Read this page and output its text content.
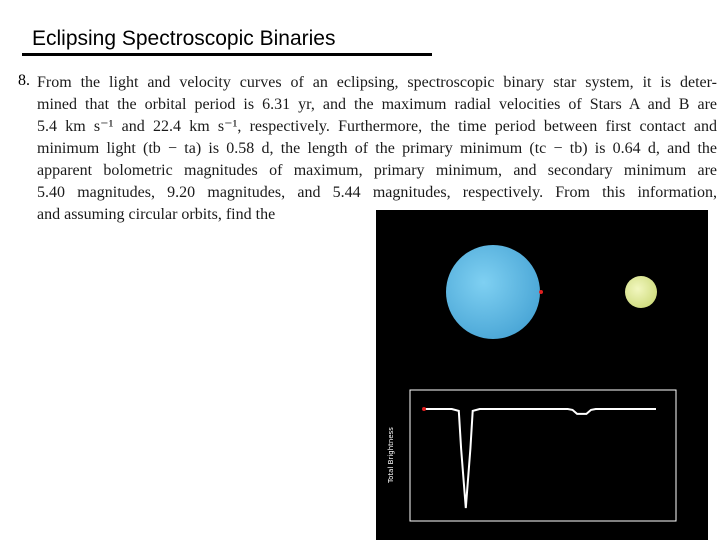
Eclipsing Spectroscopic Binaries
8. From the light and velocity curves of an eclipsing, spectroscopic binary star system, it is deter-
mined that the orbital period is 6.31 yr, and the maximum radial velocities of Stars A and B are
5.4 km s⁻¹ and 22.4 km s⁻¹, respectively. Furthermore, the time period between first contact and
minimum light (tb − ta) is 0.58 d, the length of the primary minimum (tc − tb) is 0.64 d, and the
apparent bolometric magnitudes of maximum, primary minimum, and secondary minimum are
5.40 magnitudes, 9.20 magnitudes, and 5.44 magnitudes, respectively. From this information,
and assuming circular orbits, find the
Total Brightness
